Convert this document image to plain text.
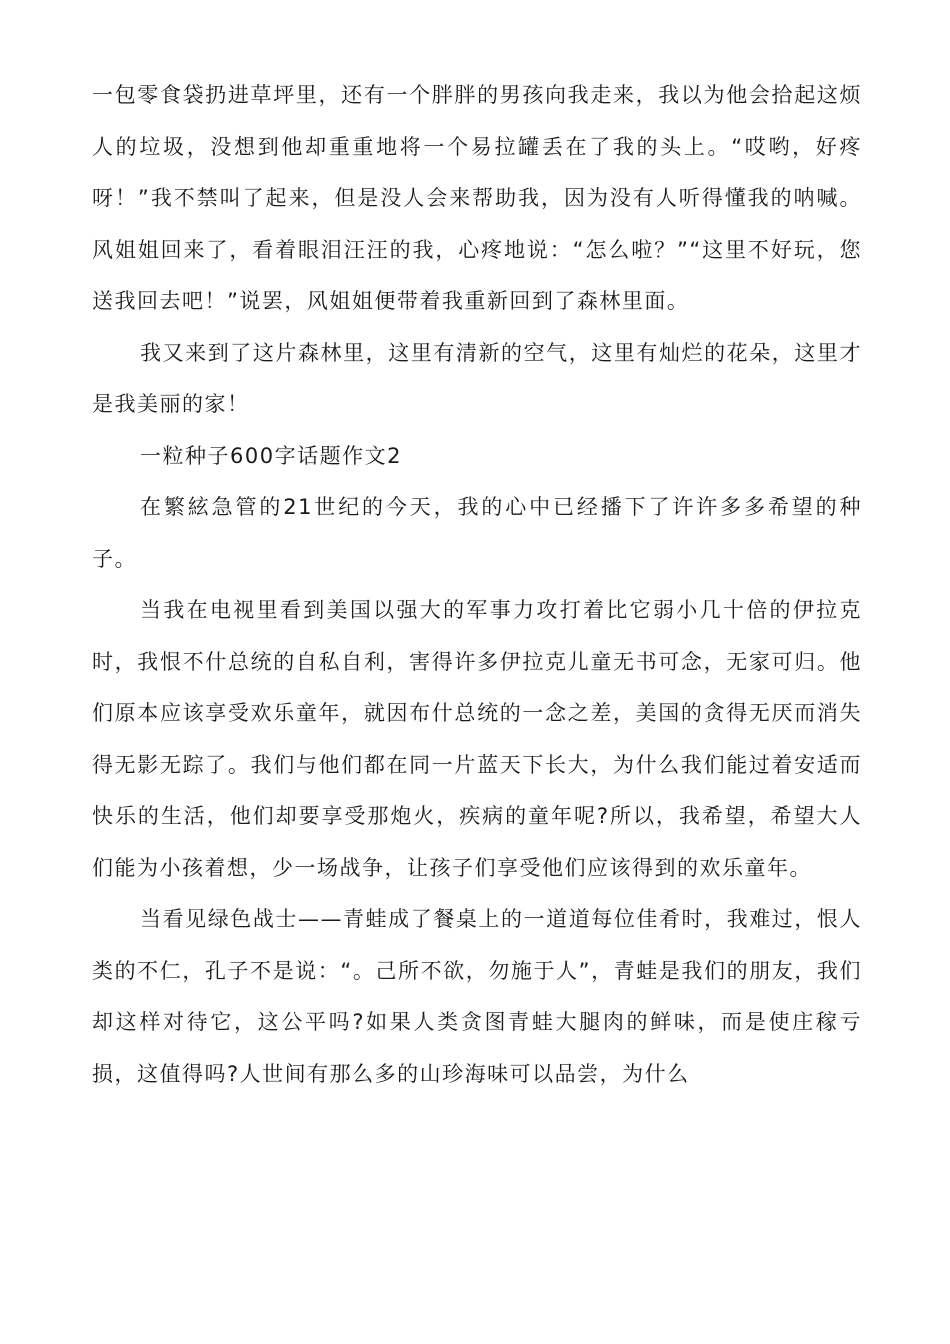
一包零食袋扔进草坪里，还有一个胖胖的男孩向我走来，我以为他会拾起这烦人的垃圾，没想到他却重重地将一个易拉罐丢在了我的头上。“哎哟，好疼呀！”我不禁叫了起来，但是没人会来帮助我，因为没有人听得懂我的呐喊。风姐姐回来了，看着眼泪汪汪的我，心疼地说：“怎么啦？”“这里不好玩，您送我回去吧！”说罢，风姐姐便带着我重新回到了森林里面。

我又来到了这片森林里，这里有清新的空气，这里有灿烂的花朵，这里才是我美丽的家！

一粒种子600字话题作文2

在繁絃急管的21世纪的今天，我的心中已经播下了许许多多希望的种子。

当我在电视里看到美国以强大的军事力攻打着比它弱小几十倍的伊拉克时，我恨不什总统的自私自利，害得许多伊拉克儿童无书可念，无家可归。他们原本应该享受欢乐童年，就因布什总统的一念之差，美国的贪得无厌而消失得无影无踪了。我们与他们都在同一片蓝天下长大，为什么我们能过着安适而快乐的生活，他们却要享受那炮火，疾病的童年呢?所以，我希望，希望大人们能为小孩着想，少一场战争，让孩子们享受他们应该得到的欢乐童年。

当看见绿色战士——青蛙成了餐桌上的一道道每位佳肴时，我难过，恨人类的不仁，孔子不是说：“。己所不欲，勿施于人”，青蛙是我们的朋友，我们却这样对待它，这公平吗?如果人类贪图青蛙大腿肉的鲜味，而是使庄稼亏损，这值得吗?人世间有那么多的山珍海味可以品尝，为什么
